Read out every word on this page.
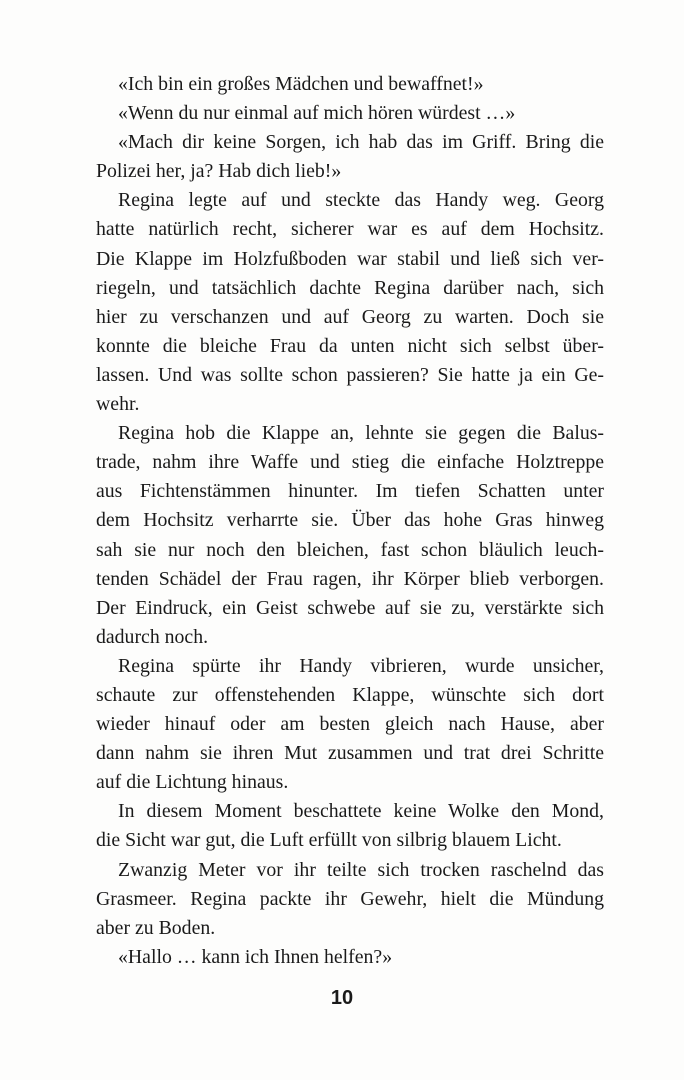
«Ich bin ein großes Mädchen und bewaffnet!»
«Wenn du nur einmal auf mich hören würdest …»
«Mach dir keine Sorgen, ich hab das im Griff. Bring die
Polizei her, ja? Hab dich lieb!»
Regina legte auf und steckte das Handy weg. Georg
hatte natürlich recht, sicherer war es auf dem Hochsitz.
Die Klappe im Holzfußboden war stabil und ließ sich ver-
riegeln, und tatsächlich dachte Regina darüber nach, sich
hier zu verschanzen und auf Georg zu warten. Doch sie
konnte die bleiche Frau da unten nicht sich selbst über-
lassen. Und was sollte schon passieren? Sie hatte ja ein Ge-
wehr.
Regina hob die Klappe an, lehnte sie gegen die Balus-
trade, nahm ihre Waffe und stieg die einfache Holztreppe
aus Fichtenstämmen hinunter. Im tiefen Schatten unter
dem Hochsitz verharrte sie. Über das hohe Gras hinweg
sah sie nur noch den bleichen, fast schon bläulich leuch-
tenden Schädel der Frau ragen, ihr Körper blieb verborgen.
Der Eindruck, ein Geist schwebe auf sie zu, verstärkte sich
dadurch noch.
Regina spürte ihr Handy vibrieren, wurde unsicher,
schaute zur offenstehenden Klappe, wünschte sich dort
wieder hinauf oder am besten gleich nach Hause, aber
dann nahm sie ihren Mut zusammen und trat drei Schritte
auf die Lichtung hinaus.
In diesem Moment beschattete keine Wolke den Mond,
die Sicht war gut, die Luft erfüllt von silbrig blauem Licht.
Zwanzig Meter vor ihr teilte sich trocken raschelnd das
Grasmeer. Regina packte ihr Gewehr, hielt die Mündung
aber zu Boden.
«Hallo … kann ich Ihnen helfen?»
10
